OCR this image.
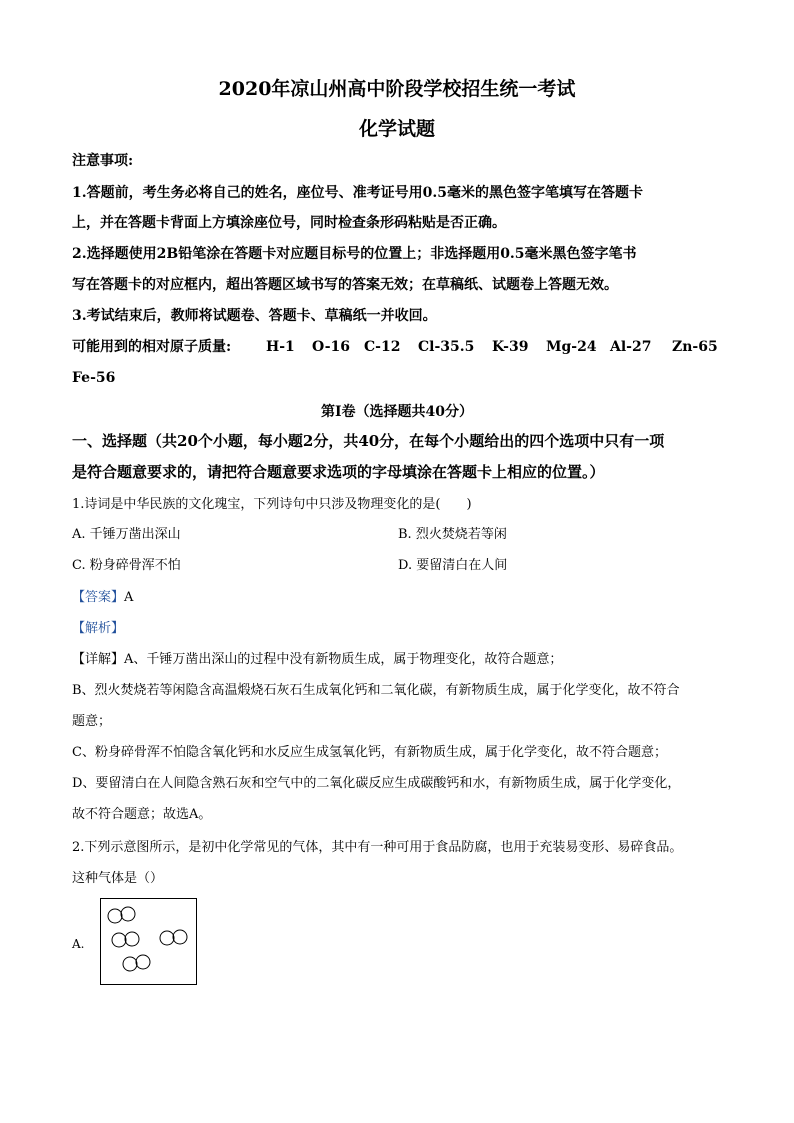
2020年凉山州高中阶段学校招生统一考试
化学试题
注意事项:
1.答题前，考生务必将自己的姓名，座位号、准考证号用0.5毫米的黑色签字笔填写在答题卡
上，并在答题卡背面上方填涂座位号，同时检查条形码粘贴是否正确。
2.选择题使用2B铅笔涂在答题卡对应题目标号的位置上；非选择题用0.5毫米黑色签字笔书
写在答题卡的对应框内，超出答题区域书写的答案无效；在草稿纸、试题卷上答题无效。
3.考试结束后，教师将试题卷、答题卡、草稿纸一并收回。
可能用到的相对原子质量: H-1 O-16 C-12 Cl-35.5 K-39 Mg-24 Al-27 Zn-65
Fe-56
第I卷（选择题共40分）
一、选择题（共20个小题，每小题2分，共40分，在每个小题给出的四个选项中只有一项
是符合题意要求的，请把符合题意要求选项的字母填涂在答题卡上相应的位置。）
1.诗词是中华民族的文化瑰宝，下列诗句中只涉及物理变化的是(　　)
A. 千锤万凿出深山	B. 烈火焚烧若等闲
C. 粉身碎骨浑不怕	D. 要留清白在人间
【答案】A
【解析】
【详解】A、千锤万凿出深山的过程中没有新物质生成，属于物理变化，故符合题意；
B、烈火焚烧若等闲隐含高温煅烧石灰石生成氧化钙和二氧化碳，有新物质生成，属于化学变化，故不符合
题意；
C、粉身碎骨浑不怕隐含氧化钙和水反应生成氢氧化钙，有新物质生成，属于化学变化，故不符合题意；
D、要留清白在人间隐含熟石灰和空气中的二氧化碳反应生成碳酸钙和水，有新物质生成，属于化学变化，
故不符合题意；故选A。
2.下列示意图所示，是初中化学常见的气体，其中有一种可用于食品防腐，也用于充装易变形、易碎食品。
这种气体是（）
A.
